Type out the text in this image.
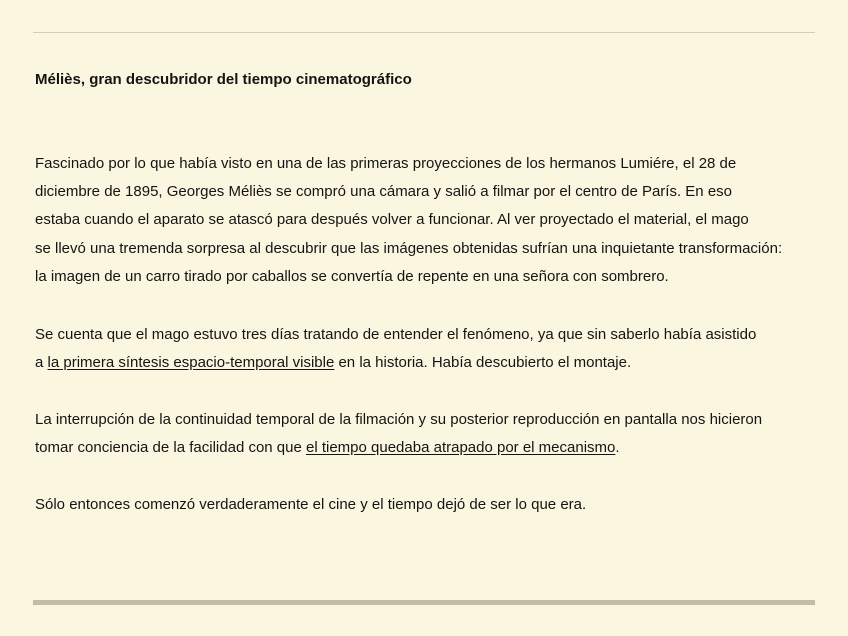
Méliès, gran descubridor del tiempo cinematográfico
Fascinado por lo que había visto en una de las primeras proyecciones de los hermanos Lumiére, el 28 de
diciembre de 1895, Georges Méliès se compró una cámara y salió a filmar por el centro de París. En eso
estaba cuando el aparato se atascó para después volver a funcionar. Al ver proyectado el material, el mago
se llevó una tremenda sorpresa al descubrir que las imágenes obtenidas sufrían una inquietante transformación:
la imagen de un carro tirado por caballos se convertía de repente en una señora con sombrero.
Se cuenta que el mago estuvo tres días tratando de entender el fenómeno, ya que sin saberlo había asistido
a la primera síntesis espacio-temporal visible en la historia. Había descubierto el montaje.
La interrupción de la continuidad temporal de la filmación y su posterior reproducción en pantalla nos hicieron
tomar conciencia de la facilidad con que el tiempo quedaba atrapado por el mecanismo.
Sólo entonces comenzó verdaderamente el cine y el tiempo dejó de ser lo que era.
